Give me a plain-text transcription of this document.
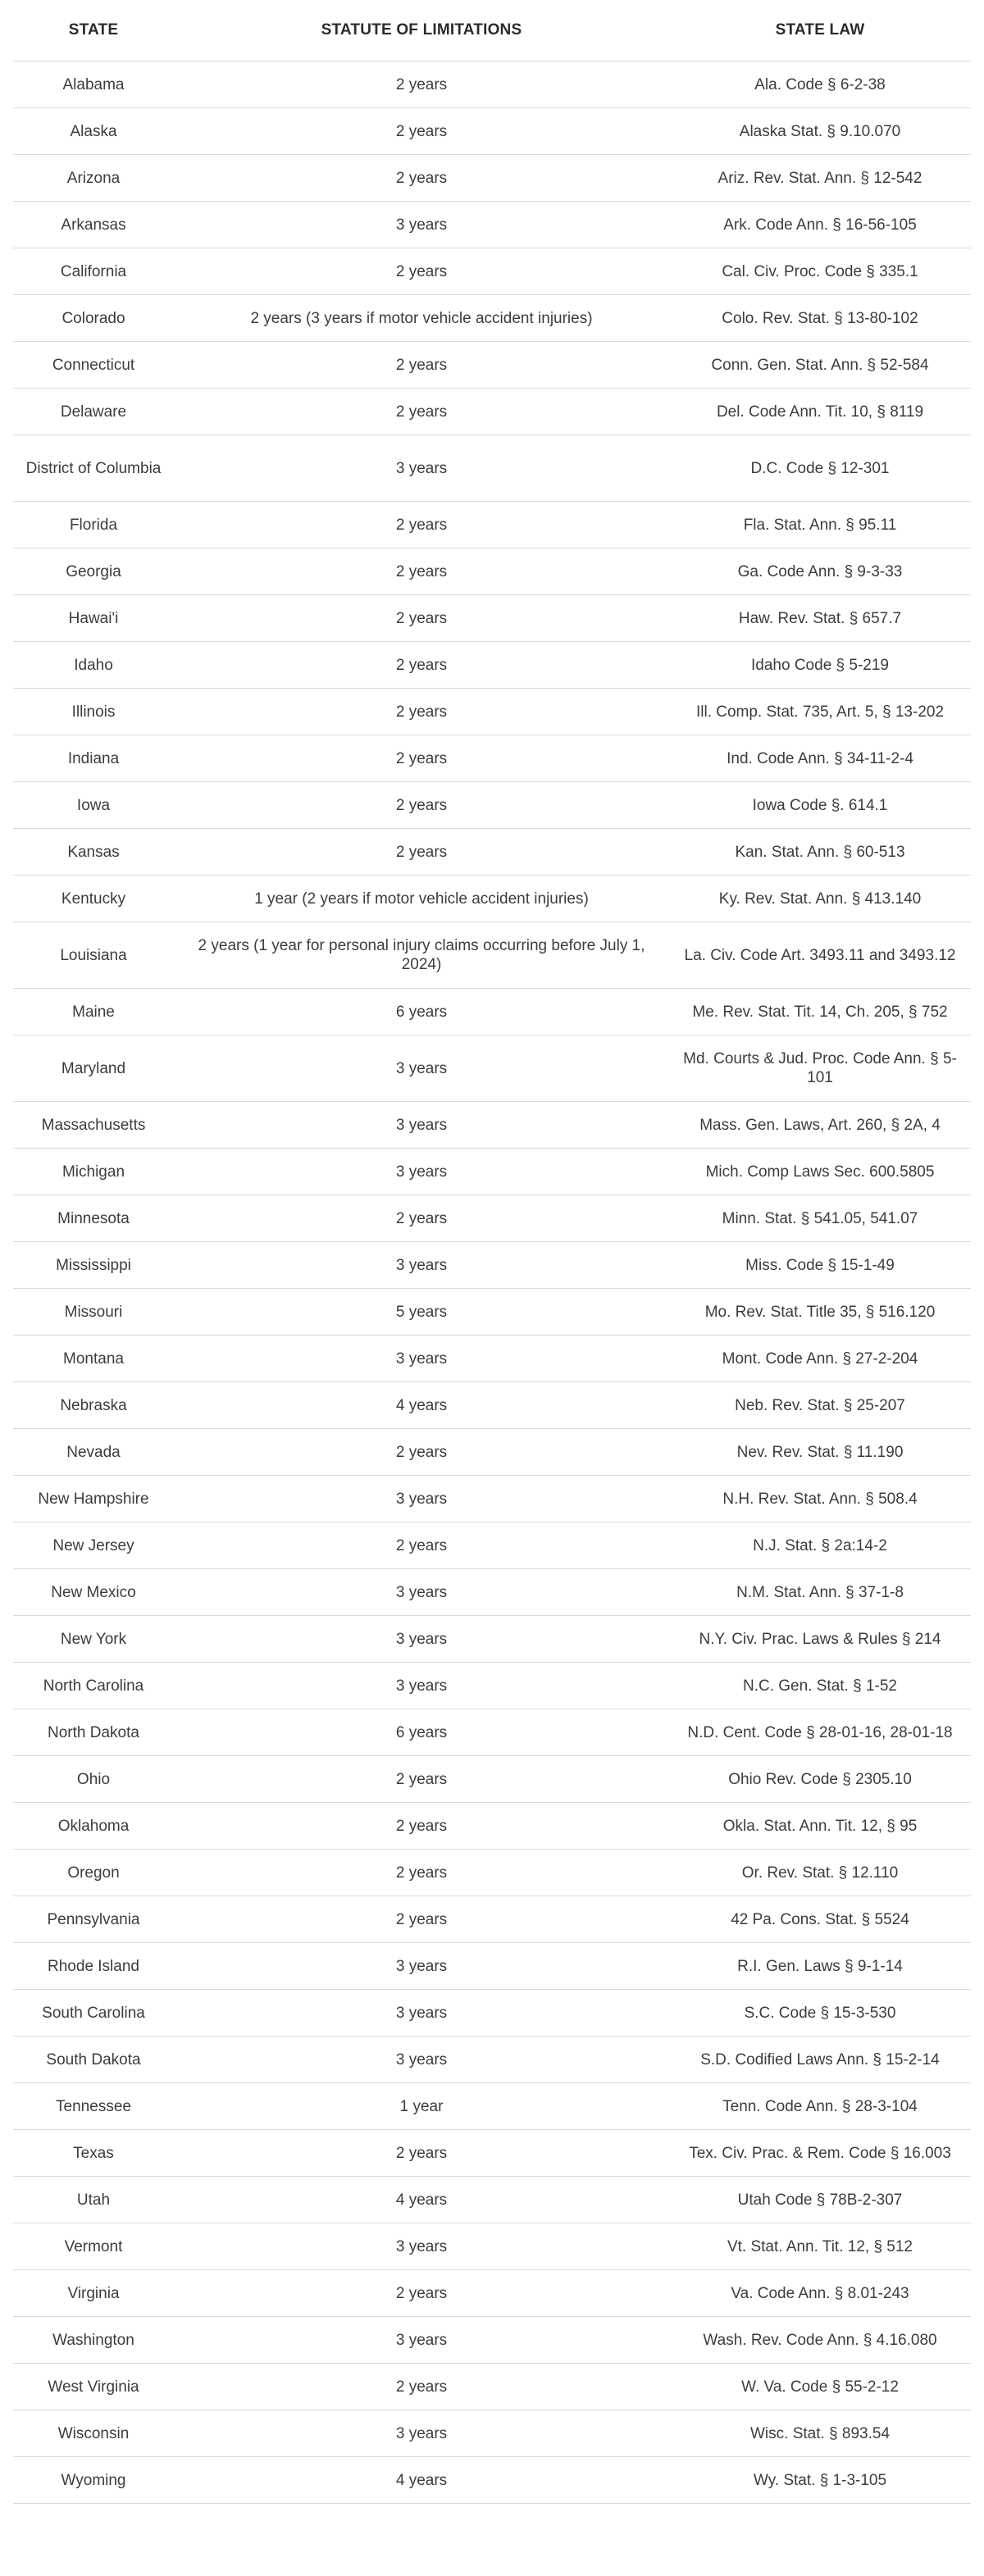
STATE	STATUTE OF LIMITATIONS	STATE LAW
Alabama	2 years	Ala. Code § 6-2-38
Alaska	2 years	Alaska Stat. § 9.10.070
Arizona	2 years	Ariz. Rev. Stat. Ann. § 12-542
Arkansas	3 years	Ark. Code Ann. § 16-56-105
California	2 years	Cal. Civ. Proc. Code § 335.1
Colorado	2 years (3 years if motor vehicle accident injuries)	Colo. Rev. Stat. § 13-80-102
Connecticut	2 years	Conn. Gen. Stat. Ann. § 52-584
Delaware	2 years	Del. Code Ann. Tit. 10, § 8119
District of Columbia	3 years	D.C. Code § 12-301
Florida	2 years	Fla. Stat. Ann. § 95.11
Georgia	2 years	Ga. Code Ann. § 9-3-33
Hawai'i	2 years	Haw. Rev. Stat. § 657.7
Idaho	2 years	Idaho Code § 5-219
Illinois	2 years	Ill. Comp. Stat. 735, Art. 5, § 13-202
Indiana	2 years	Ind. Code Ann. § 34-11-2-4
Iowa	2 years	Iowa Code §. 614.1
Kansas	2 years	Kan. Stat. Ann. § 60-513
Kentucky	1 year (2 years if motor vehicle accident injuries)	Ky. Rev. Stat. Ann. § 413.140
Louisiana	2 years (1 year for personal injury claims occurring before July 1, 2024)	La. Civ. Code Art. 3493.11 and 3493.12
Maine	6 years	Me. Rev. Stat. Tit. 14, Ch. 205, § 752
Maryland	3 years	Md. Courts & Jud. Proc. Code Ann. § 5-101
Massachusetts	3 years	Mass. Gen. Laws, Art. 260, § 2A, 4
Michigan	3 years	Mich. Comp Laws Sec. 600.5805
Minnesota	2 years	Minn. Stat. § 541.05, 541.07
Mississippi	3 years	Miss. Code § 15-1-49
Missouri	5 years	Mo. Rev. Stat. Title 35, § 516.120
Montana	3 years	Mont. Code Ann. § 27-2-204
Nebraska	4 years	Neb. Rev. Stat. § 25-207
Nevada	2 years	Nev. Rev. Stat. § 11.190
New Hampshire	3 years	N.H. Rev. Stat. Ann. § 508.4
New Jersey	2 years	N.J. Stat. § 2a:14-2
New Mexico	3 years	N.M. Stat. Ann. § 37-1-8
New York	3 years	N.Y. Civ. Prac. Laws & Rules § 214
North Carolina	3 years	N.C. Gen. Stat. § 1-52
North Dakota	6 years	N.D. Cent. Code § 28-01-16, 28-01-18
Ohio	2 years	Ohio Rev. Code § 2305.10
Oklahoma	2 years	Okla. Stat. Ann. Tit. 12, § 95
Oregon	2 years	Or. Rev. Stat. § 12.110
Pennsylvania	2 years	42 Pa. Cons. Stat. § 5524
Rhode Island	3 years	R.I. Gen. Laws § 9-1-14
South Carolina	3 years	S.C. Code § 15-3-530
South Dakota	3 years	S.D. Codified Laws Ann. § 15-2-14
Tennessee	1 year	Tenn. Code Ann. § 28-3-104
Texas	2 years	Tex. Civ. Prac. & Rem. Code § 16.003
Utah	4 years	Utah Code § 78B-2-307
Vermont	3 years	Vt. Stat. Ann. Tit. 12, § 512
Virginia	2 years	Va. Code Ann. § 8.01-243
Washington	3 years	Wash. Rev. Code Ann. § 4.16.080
West Virginia	2 years	W. Va. Code § 55-2-12
Wisconsin	3 years	Wisc. Stat. § 893.54
Wyoming	4 years	Wy. Stat. § 1-3-105
